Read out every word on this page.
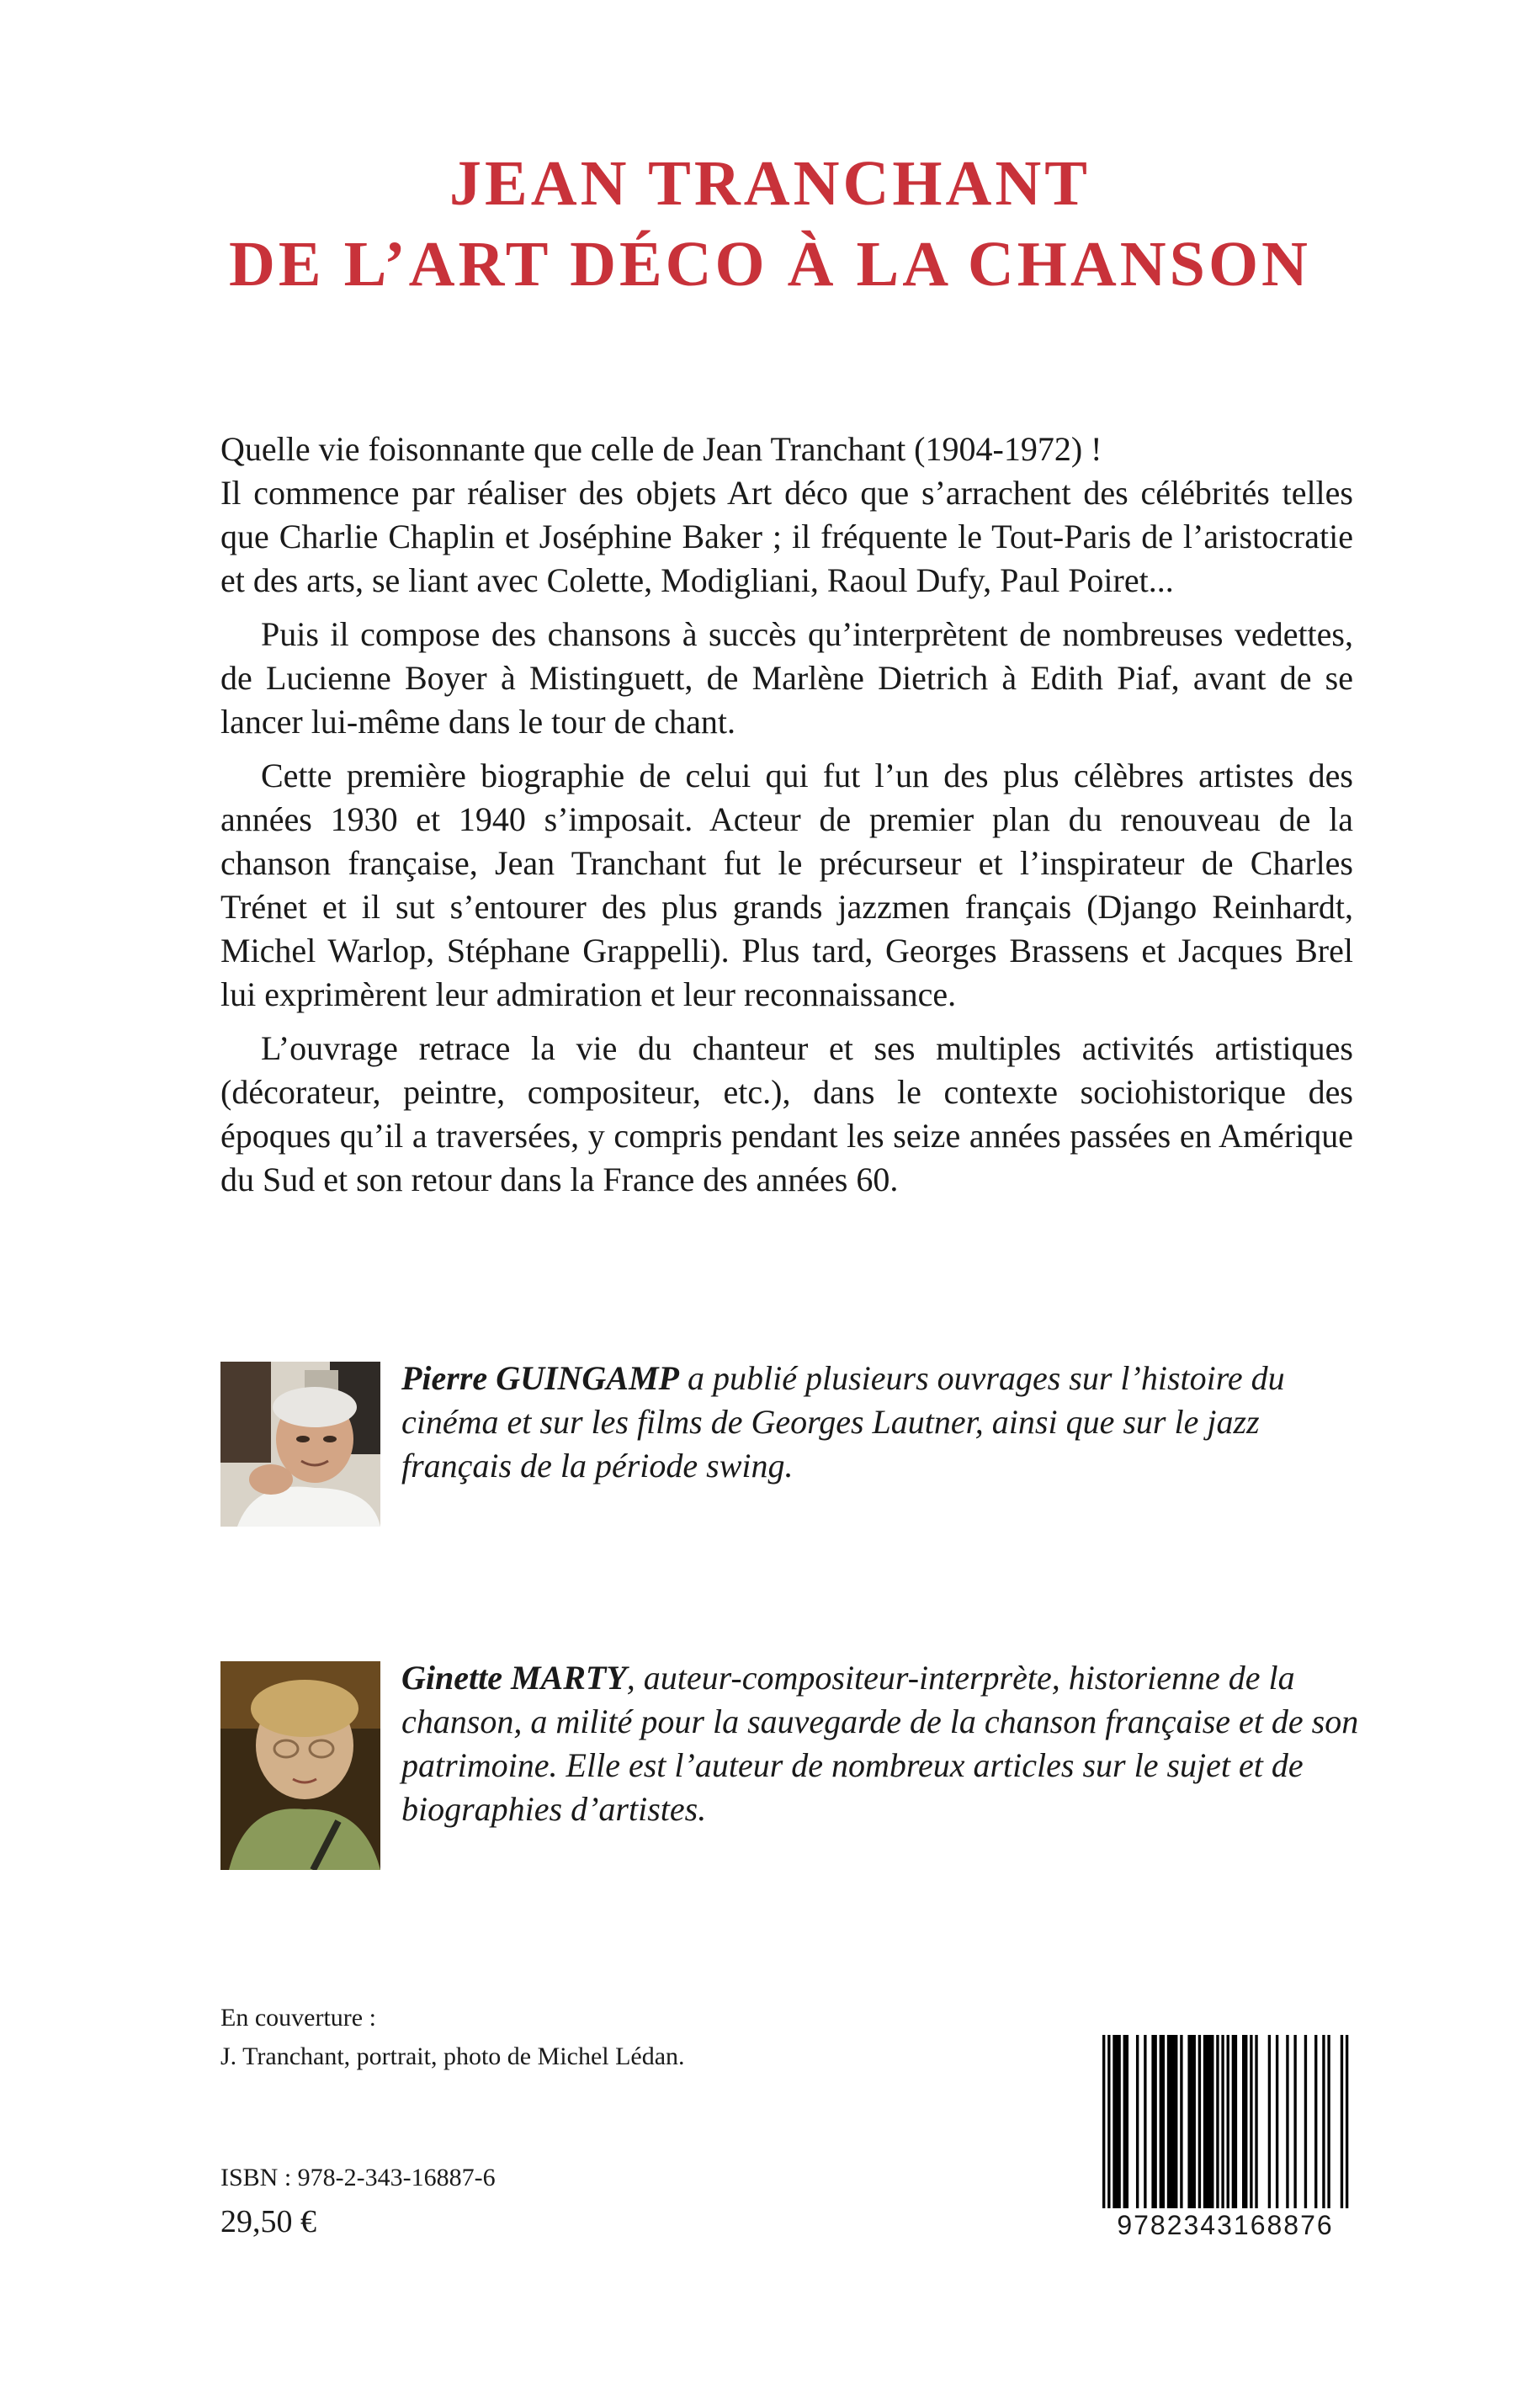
JEAN TRANCHANT
DE L’ART DÉCO À LA CHANSON

Quelle vie foisonnante que celle de Jean Tranchant (1904-1972) !

Il commence par réaliser des objets Art déco que s’arrachent des célébrités telles que Charlie Chaplin et Joséphine Baker ; il fréquente le Tout-Paris de l’aristocratie et des arts, se liant avec Colette, Modigliani, Raoul Dufy, Paul Poiret...

Puis il compose des chansons à succès qu’interprètent de nombreuses vedettes, de Lucienne Boyer à Mistinguett, de Marlène Dietrich à Edith Piaf, avant de se lancer lui-même dans le tour de chant.

Cette première biographie de celui qui fut l’un des plus célèbres artistes des années 1930 et 1940 s’imposait. Acteur de premier plan du renouveau de la chanson française, Jean Tranchant fut le précurseur et l’inspirateur de Charles Trénet et il sut s’entourer des plus grands jazzmen français (Django Reinhardt, Michel Warlop, Stéphane Grappelli). Plus tard, Georges Brassens et Jacques Brel lui exprimèrent leur admiration et leur reconnaissance.

L’ouvrage retrace la vie du chanteur et ses multiples activités artistiques (décorateur, peintre, compositeur, etc.), dans le contexte sociohistorique des époques qu’il a traversées, y compris pendant les seize années passées en Amérique du Sud et son retour dans la France des années 60.

Pierre GUINGAMP a publié plusieurs ouvrages sur l’histoire du cinéma et sur les films de Georges Lautner, ainsi que sur le jazz français de la période swing.
Ginette MARTY, auteur-compositeur-interprète, historienne de la chanson, a milité pour la sauvegarde de la chanson française et de son patrimoine. Elle est l’auteur de nombreux articles sur le sujet et de biographies d’artistes.
En couverture :
J. Tranchant, portrait, photo de Michel Lédan.
ISBN : 978-2-343-16887-6
29,50 €	9782343168876
